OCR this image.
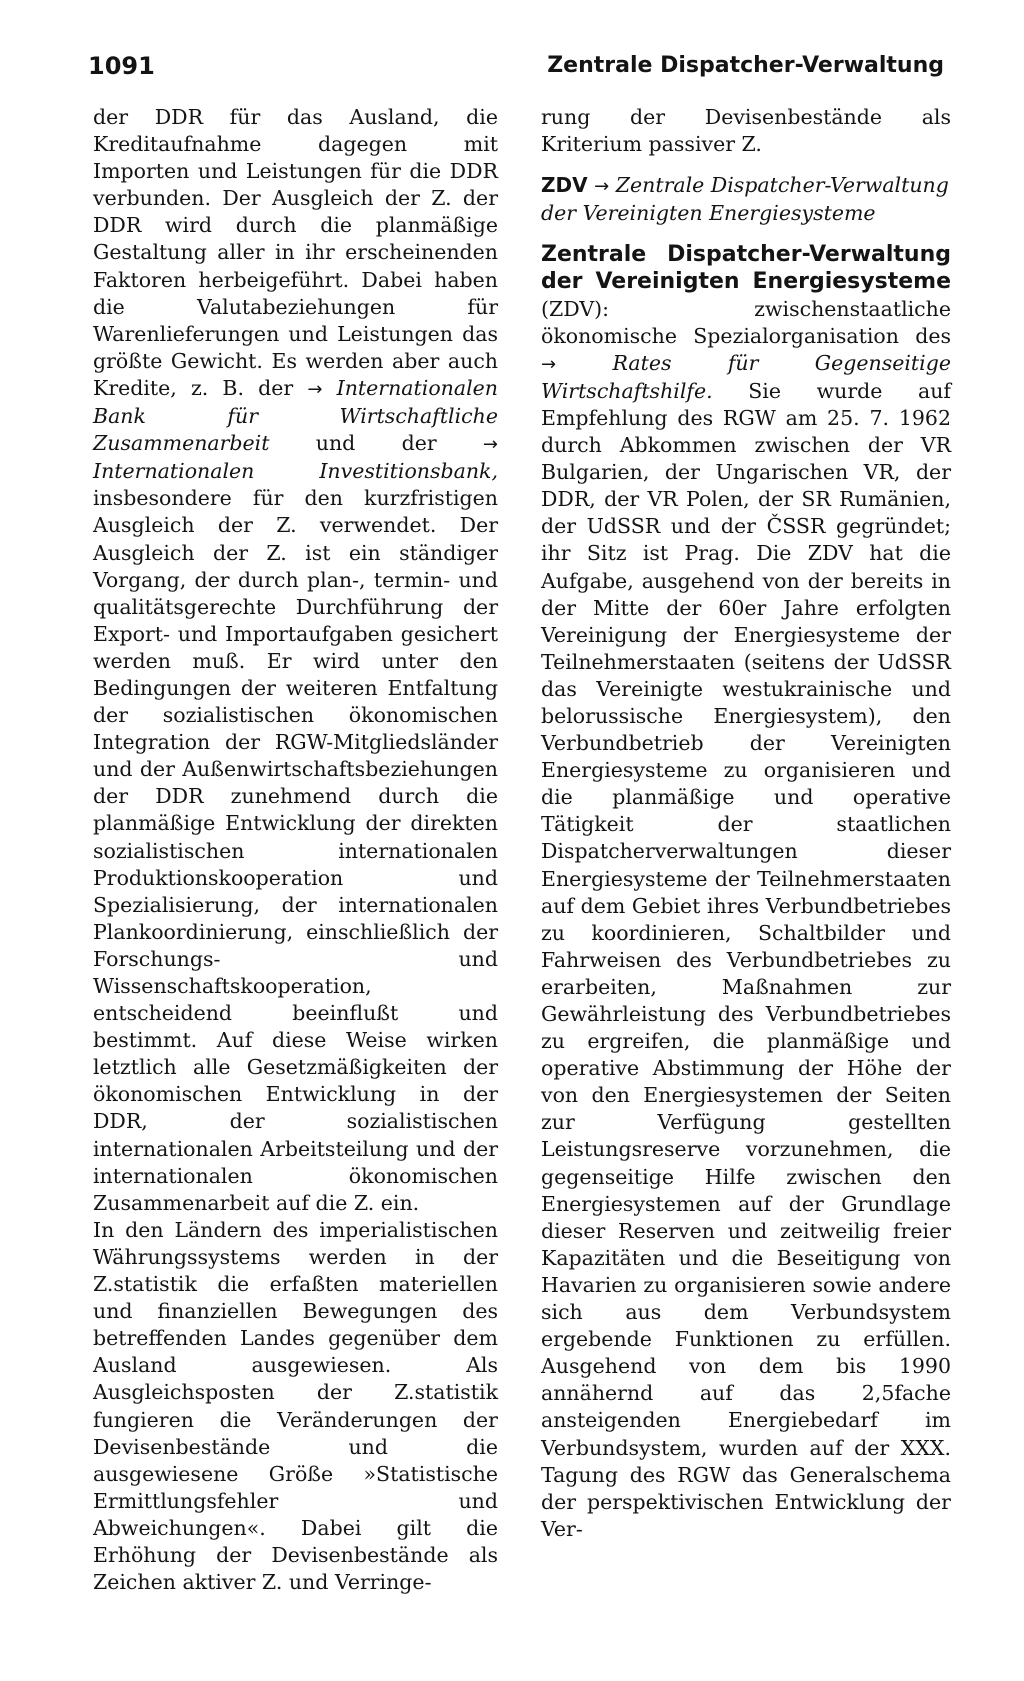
1091	Zentrale Dispatcher-Verwaltung

der DDR für das Ausland, die Kreditaufnahme dagegen mit Importen und Leistungen für die DDR verbunden. Der Ausgleich der Z. der DDR wird durch die planmäßige Gestaltung aller in ihr erscheinenden Faktoren herbeigeführt. Dabei haben die Valutabeziehungen für Warenlieferungen und Leistungen das größte Gewicht. Es werden aber auch Kredite, z. B. der → Internationalen Bank für Wirtschaftliche Zusammenarbeit und der → Internationalen Investitionsbank, insbesondere für den kurzfristigen Ausgleich der Z. verwendet. Der Ausgleich der Z. ist ein ständiger Vorgang, der durch plan-, termin- und qualitätsgerechte Durchführung der Export- und Importaufgaben gesichert werden muß. Er wird unter den Bedingungen der weiteren Entfaltung der sozialistischen ökonomischen Integration der RGW-Mitgliedsländer und der Außenwirtschaftsbeziehungen der DDR zunehmend durch die planmäßige Entwicklung der direkten sozialistischen internationalen Produktionskooperation und Spezialisierung, der internationalen Plankoordinierung, einschließlich der Forschungs- und Wissenschaftskooperation, entscheidend beeinflußt und bestimmt. Auf diese Weise wirken letztlich alle Gesetzmäßigkeiten der ökonomischen Entwicklung in der DDR, der sozialistischen internationalen Arbeitsteilung und der internationalen ökonomischen Zusammenarbeit auf die Z. ein.

In den Ländern des imperialistischen Währungssystems werden in der Z.statistik die erfaßten materiellen und finanziellen Bewegungen des betreffenden Landes gegenüber dem Ausland ausgewiesen. Als Ausgleichsposten der Z.statistik fungieren die Veränderungen der Devisenbestände und die ausgewiesene Größe »Statistische Ermittlungsfehler und Abweichungen«. Dabei gilt die Erhöhung der Devisenbestände als Zeichen aktiver Z. und Verringe-

rung der Devisenbestände als Kriterium passiver Z.

ZDV → Zentrale Dispatcher-Verwaltung der Vereinigten Energiesysteme

Zentrale Dispatcher-Verwaltung der Vereinigten Energiesysteme (ZDV): zwischenstaatliche ökonomische Spezialorganisation des →	Rates für Gegenseitige Wirtschaftshilfe. Sie wurde auf Empfehlung des RGW am 25. 7. 1962 durch Abkommen zwischen der VR Bulgarien, der Ungarischen VR, der DDR, der VR Polen, der SR Rumänien, der UdSSR und der ČSSR gegründet; ihr Sitz ist Prag. Die ZDV hat die Aufgabe, ausgehend von der bereits in der Mitte der 60er Jahre erfolgten Vereinigung der Energiesysteme der Teilnehmerstaaten (seitens der UdSSR das Vereinigte westukrainische und belorussische Energiesystem), den Verbundbetrieb der Vereinigten Energiesysteme zu organisieren und die planmäßige und operative Tätigkeit der staatlichen Dispatcherverwaltungen dieser Energiesysteme der Teilnehmerstaaten auf dem Gebiet ihres Verbundbetriebes zu koordinieren, Schaltbilder und Fahrweisen des Verbundbetriebes zu erarbeiten, Maßnahmen zur Gewährleistung des Verbundbetriebes zu ergreifen, die planmäßige und operative Abstimmung der Höhe der von den Energiesystemen der Seiten zur Verfügung gestellten Leistungsreserve vorzunehmen, die gegenseitige Hilfe zwischen den Energiesystemen auf der Grundlage dieser Reserven und zeitweilig freier Kapazitäten und die Beseitigung von Havarien zu organisieren sowie andere sich aus dem Verbundsystem ergebende Funktionen zu erfüllen. Ausgehend von dem bis 1990 annähernd auf das 2,5fache ansteigenden Energiebedarf im Verbundsystem, wurden auf der XXX. Tagung des RGW das Generalschema der perspektivischen Entwicklung der Ver-
